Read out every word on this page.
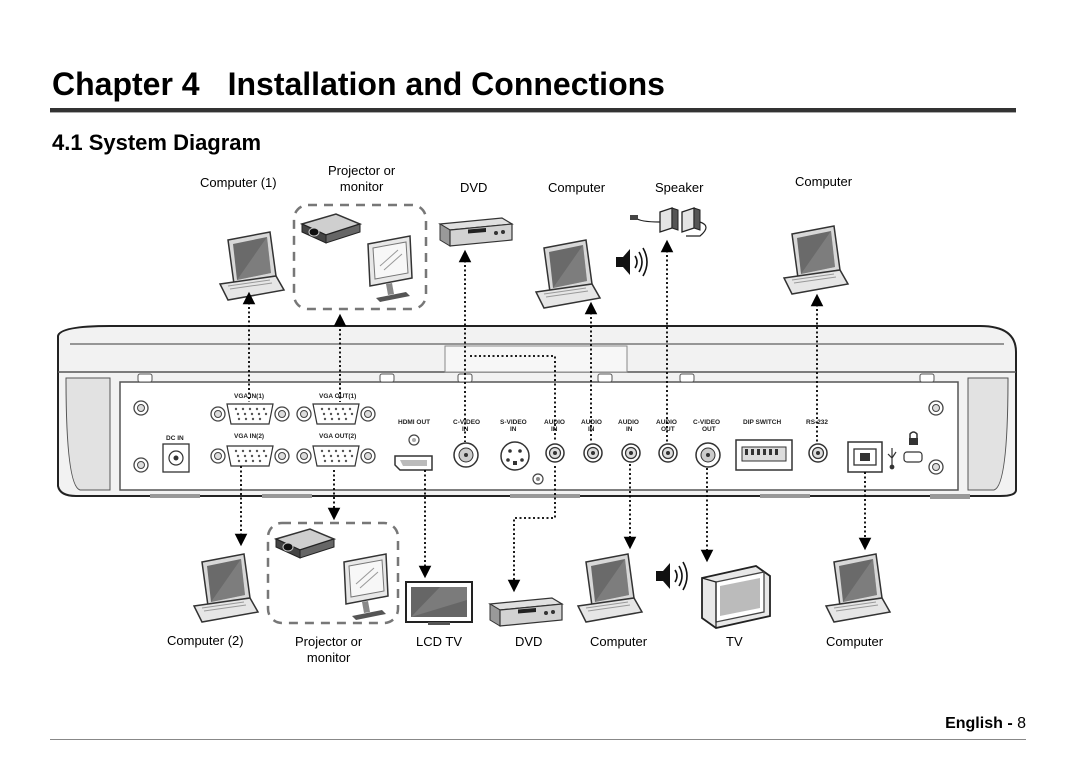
Chapter 4 Installation and Connections
4.1 System Diagram
DC IN
VGA IN(1)	VGA OUT(1)
VGA IN(2)	VGA OUT(2)
HDMI OUT	C-VIDEO
IN
S-VIDEO
IN
AUDIO
IN
AUDIO
IN
AUDIO
IN
AUDIO
OUT
C-VIDEO
OUT
DIP SWITCH	RS-232
Computer (1)
Projector or
monitor	DVD	Computer	Speaker	Computer
Computer (2)	Projector or
monitor
LCD TV	DVD	Computer	TV	Computer
English - 8
